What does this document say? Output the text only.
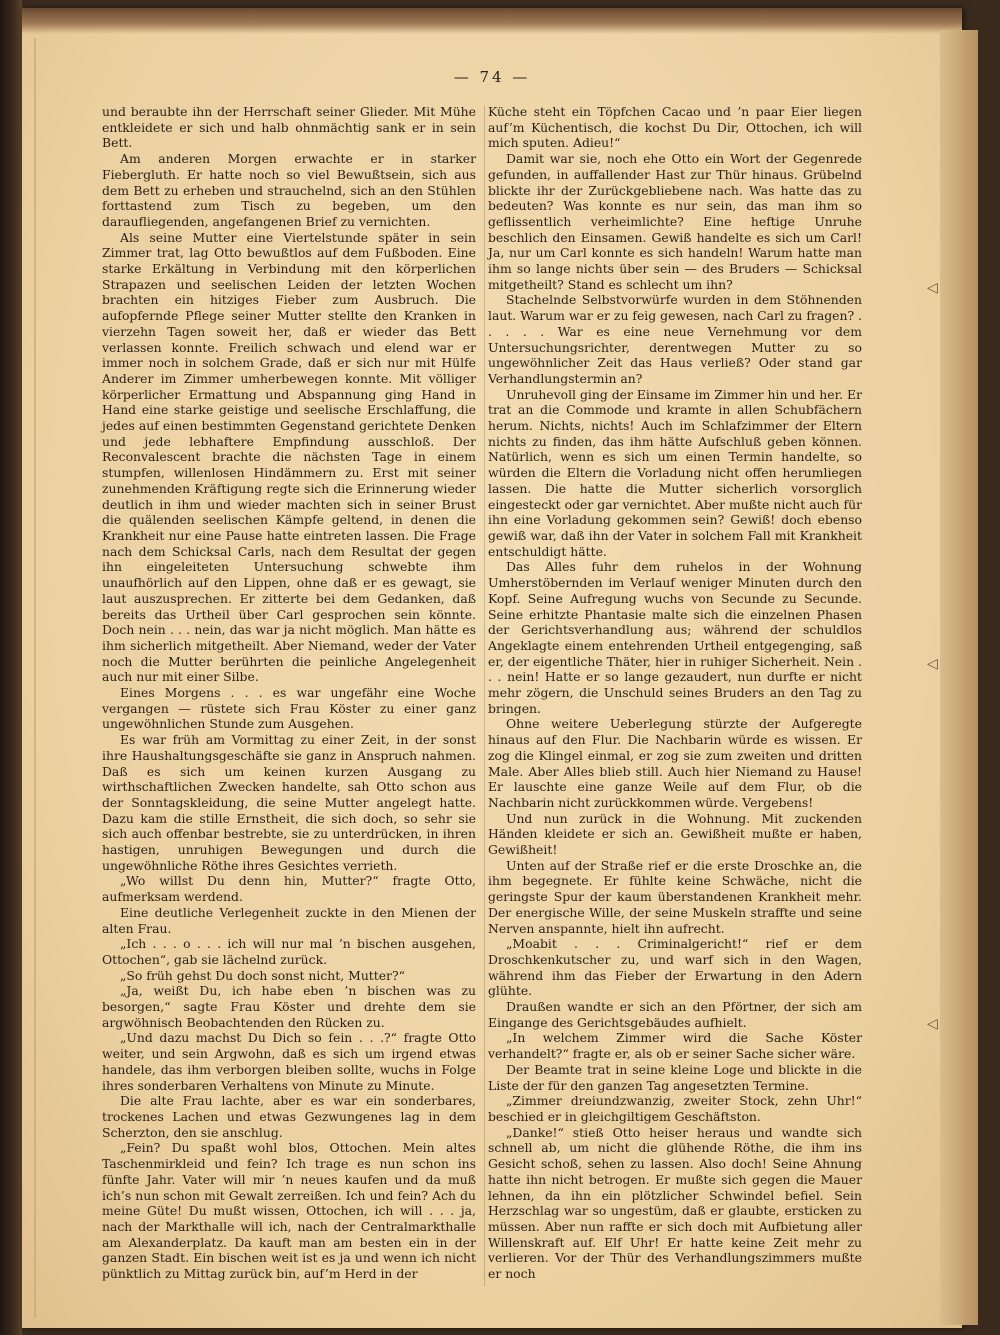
— 74 —

und beraubte ihn der Herrschaft seiner Glieder. Mit Mühe entkleidete er sich und halb ohnmächtig sank er in sein Bett.

Am anderen Morgen erwachte er in starker Fiebergluth. Er hatte noch so viel Bewußtsein, sich aus dem Bett zu erheben und strauchelnd, sich an den Stühlen forttastend zum Tisch zu begeben, um den daraufliegenden, angefangenen Brief zu vernichten.

Als seine Mutter eine Viertelstunde später in sein Zimmer trat, lag Otto bewußtlos auf dem Fußboden. Eine starke Erkältung in Verbindung mit den körperlichen Strapazen und seelischen Leiden der letzten Wochen brachten ein hitziges Fieber zum Ausbruch. Die aufopfernde Pflege seiner Mutter stellte den Kranken in vierzehn Tagen soweit her, daß er wieder das Bett verlassen konnte. Freilich schwach und elend war er immer noch in solchem Grade, daß er sich nur mit Hülfe Anderer im Zimmer umherbewegen konnte. Mit völliger körperlicher Ermattung und Abspannung ging Hand in Hand eine starke geistige und seelische Erschlaffung, die jedes auf einen bestimmten Gegenstand gerichtete Denken und jede lebhaftere Empfindung ausschloß. Der Reconvalescent brachte die nächsten Tage in einem stumpfen, willenlosen Hindämmern zu. Erst mit seiner zunehmenden Kräftigung regte sich die Erinnerung wieder deutlich in ihm und wieder machten sich in seiner Brust die quälenden seelischen Kämpfe geltend, in denen die Krankheit nur eine Pause hatte eintreten lassen. Die Frage nach dem Schicksal Carls, nach dem Resultat der gegen ihn eingeleiteten Untersuchung schwebte ihm unaufhörlich auf den Lippen, ohne daß er es gewagt, sie laut auszusprechen. Er zitterte bei dem Gedanken, daß bereits das Urtheil über Carl gesprochen sein könnte. Doch nein . . . nein, das war ja nicht möglich. Man hätte es ihm sicherlich mitgetheilt. Aber Niemand, weder der Vater noch die Mutter berührten die peinliche Angelegenheit auch nur mit einer Silbe.

Eines Morgens . . . es war ungefähr eine Woche vergangen — rüstete sich Frau Köster zu einer ganz ungewöhnlichen Stunde zum Ausgehen.

Es war früh am Vormittag zu einer Zeit, in der sonst ihre Haushaltungsgeschäfte sie ganz in Anspruch nahmen. Daß es sich um keinen kurzen Ausgang zu wirthschaftlichen Zwecken handelte, sah Otto schon aus der Sonntagskleidung, die seine Mutter angelegt hatte. Dazu kam die stille Ernstheit, die sich doch, so sehr sie sich auch offenbar bestrebte, sie zu unterdrücken, in ihren hastigen, unruhigen Bewegungen und durch die ungewöhnliche Röthe ihres Gesichtes verrieth.

„Wo willst Du denn hin, Mutter?“ fragte Otto, aufmerksam werdend.

Eine deutliche Verlegenheit zuckte in den Mienen der alten Frau.

„Ich . . . o . . . ich will nur mal ’n bischen ausgehen, Ottochen“, gab sie lächelnd zurück.

„So früh gehst Du doch sonst nicht, Mutter?“

„Ja, weißt Du, ich habe eben ’n bischen was zu besorgen,“ sagte Frau Köster und drehte dem sie argwöhnisch Beobachtenden den Rücken zu.

„Und dazu machst Du Dich so fein . . .?“ fragte Otto weiter, und sein Argwohn, daß es sich um irgend etwas handele, das ihm verborgen bleiben sollte, wuchs in Folge ihres sonderbaren Verhaltens von Minute zu Minute.

Die alte Frau lachte, aber es war ein sonderbares, trockenes Lachen und etwas Gezwungenes lag in dem Scherzton, den sie anschlug.

„Fein? Du spaßt wohl blos, Ottochen. Mein altes Taschenmirkleid und fein? Ich trage es nun schon ins fünfte Jahr. Vater will mir ’n neues kaufen und da muß ich’s nun schon mit Gewalt zerreißen. Ich und fein? Ach du meine Güte! Du mußt wissen, Ottochen, ich will . . . ja, nach der Markthalle will ich, nach der Centralmarkthalle am Alexanderplatz. Da kauft man am besten ein in der ganzen Stadt. Ein bischen weit ist es ja und wenn ich nicht pünktlich zu Mittag zurück bin, auf’m Herd in der

Küche steht ein Töpfchen Cacao und ’n paar Eier liegen auf’m Küchentisch, die kochst Du Dir, Ottochen, ich will mich sputen. Adieu!“

Damit war sie, noch ehe Otto ein Wort der Gegenrede gefunden, in auffallender Hast zur Thür hinaus. Grübelnd blickte ihr der Zurückgebliebene nach. Was hatte das zu bedeuten? Was konnte es nur sein, das man ihm so geflissentlich verheimlichte? Eine heftige Unruhe beschlich den Einsamen. Gewiß handelte es sich um Carl! Ja, nur um Carl konnte es sich handeln! Warum hatte man ihm so lange nichts über sein — des Bruders — Schicksal mitgetheilt? Stand es schlecht um ihn?

Stachelnde Selbstvorwürfe wurden in dem Stöhnenden laut. Warum war er zu feig gewesen, nach Carl zu fragen? . . . . . War es eine neue Vernehmung vor dem Untersuchungsrichter, derentwegen Mutter zu so ungewöhnlicher Zeit das Haus verließ? Oder stand gar Verhandlungstermin an?

Unruhevoll ging der Einsame im Zimmer hin und her. Er trat an die Commode und kramte in allen Schubfächern herum. Nichts, nichts! Auch im Schlafzimmer der Eltern nichts zu finden, das ihm hätte Aufschluß geben können. Natürlich, wenn es sich um einen Termin handelte, so würden die Eltern die Vorladung nicht offen herumliegen lassen. Die hatte die Mutter sicherlich vorsorglich eingesteckt oder gar vernichtet. Aber mußte nicht auch für ihn eine Vorladung gekommen sein? Gewiß! doch ebenso gewiß war, daß ihn der Vater in solchem Fall mit Krankheit entschuldigt hätte.

Das Alles fuhr dem ruhelos in der Wohnung Umherstöbernden im Verlauf weniger Minuten durch den Kopf. Seine Aufregung wuchs von Secunde zu Secunde. Seine erhitzte Phantasie malte sich die einzelnen Phasen der Gerichtsverhandlung aus; während der schuldlos Angeklagte einem entehrenden Urtheil entgegenging, saß er, der eigentliche Thäter, hier in ruhiger Sicherheit. Nein . . . nein! Hatte er so lange gezaudert, nun durfte er nicht mehr zögern, die Unschuld seines Bruders an den Tag zu bringen.

Ohne weitere Ueberlegung stürzte der Aufgeregte hinaus auf den Flur. Die Nachbarin würde es wissen. Er zog die Klingel einmal, er zog sie zum zweiten und dritten Male. Aber Alles blieb still. Auch hier Niemand zu Hause! Er lauschte eine ganze Weile auf dem Flur, ob die Nachbarin nicht zurückkommen würde. Vergebens!

Und nun zurück in die Wohnung. Mit zuckenden Händen kleidete er sich an. Gewißheit mußte er haben, Gewißheit!

Unten auf der Straße rief er die erste Droschke an, die ihm begegnete. Er fühlte keine Schwäche, nicht die geringste Spur der kaum überstandenen Krankheit mehr. Der energische Wille, der seine Muskeln straffte und seine Nerven anspannte, hielt ihn aufrecht.

„Moabit . . . Criminalgericht!“ rief er dem Droschkenkutscher zu, und warf sich in den Wagen, während ihm das Fieber der Erwartung in den Adern glühte.

Draußen wandte er sich an den Pförtner, der sich am Eingange des Gerichtsgebäudes aufhielt.

„In welchem Zimmer wird die Sache Köster verhandelt?“ fragte er, als ob er seiner Sache sicher wäre.

Der Beamte trat in seine kleine Loge und blickte in die Liste der für den ganzen Tag angesetzten Termine.

„Zimmer dreiundzwanzig, zweiter Stock, zehn Uhr!“ beschied er in gleichgiltigem Geschäftston.

„Danke!“ stieß Otto heiser heraus und wandte sich schnell ab, um nicht die glühende Röthe, die ihm ins Gesicht schoß, sehen zu lassen. Also doch! Seine Ahnung hatte ihn nicht betrogen. Er mußte sich gegen die Mauer lehnen, da ihn ein plötzlicher Schwindel befiel. Sein Herzschlag war so ungestüm, daß er glaubte, ersticken zu müssen. Aber nun raffte er sich doch mit Aufbietung aller Willenskraft auf. Elf Uhr! Er hatte keine Zeit mehr zu verlieren. Vor der Thür des Verhandlungszimmers mußte er noch

◁
◁
◁
